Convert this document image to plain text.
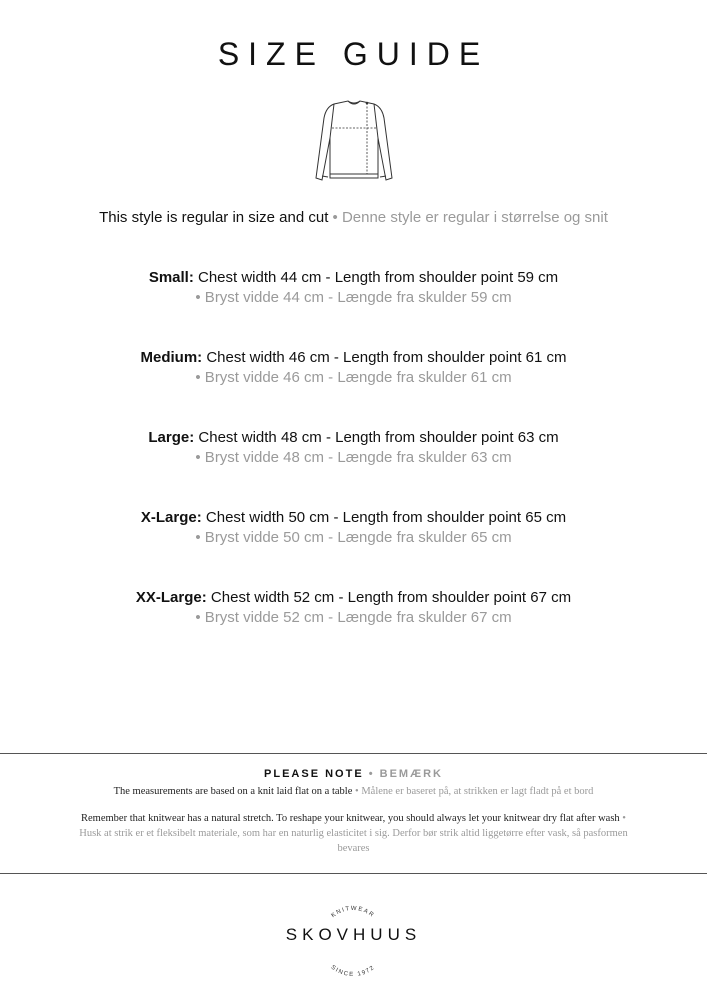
SIZE GUIDE
This style is regular in size and cut • Denne style er regular i størrelse og snit
Small: Chest width 44 cm - Length from shoulder point 59 cm
• Bryst vidde 44 cm - Længde fra skulder 59 cm
Medium: Chest width 46 cm - Length from shoulder point 61 cm
• Bryst vidde 46 cm - Længde fra skulder 61 cm
Large: Chest width 48 cm - Length from shoulder point 63 cm
• Bryst vidde 48 cm - Længde fra skulder 63 cm
X-Large: Chest width 50 cm - Length from shoulder point 65 cm
• Bryst vidde 50 cm - Længde fra skulder 65 cm
XX-Large: Chest width 52 cm - Length from shoulder point 67 cm
• Bryst vidde 52 cm - Længde fra skulder 67 cm
PLEASE NOTE • BEMÆRK

The measurements are based on a knit laid flat on a table • Målene er baseret på, at strikken er lagt fladt på et bord

Remember that knitwear has a natural stretch. To reshape your knitwear, you should always let your knitwear dry flat after wash • Husk at strik er et fleksibelt materiale, som har en naturlig elasticitet i sig. Derfor bør strik altid liggetørre efter vask, så pasformen bevares

KNITWEAR
SINCE 1972
SKOVHUUS
